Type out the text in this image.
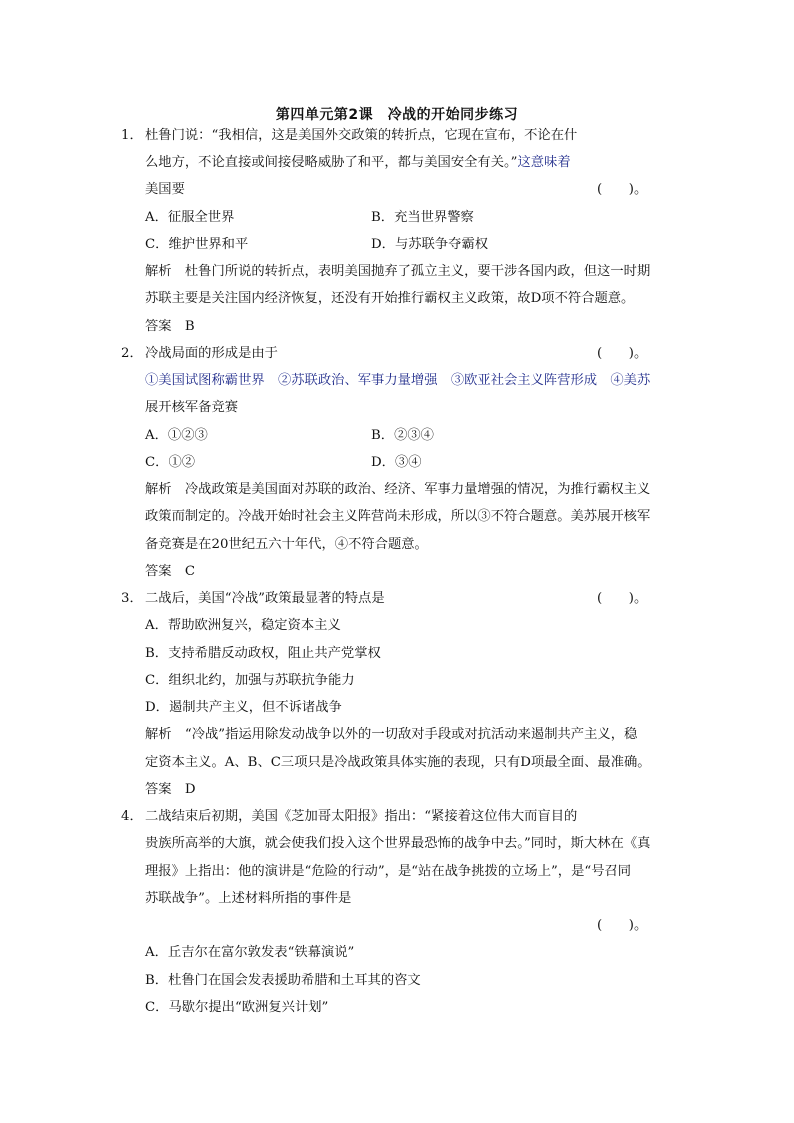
第四单元第2课　冷战的开始同步练习
1． 杜鲁门说：“我相信，这是美国外交政策的转折点，它现在宣布，不论在什
么地方，不论直接或间接侵略威胁了和平，都与美国安全有关。”这意味着
美国要	(　　)。
A．征服全世界	B．充当世界警察
C．维护世界和平	D．与苏联争夺霸权
解析　杜鲁门所说的转折点，表明美国抛弃了孤立主义，要干涉各国内政，但这一时期
苏联主要是关注国内经济恢复，还没有开始推行霸权主义政策，故D项不符合题意。
答案　B
2． 冷战局面的形成是由于	(　　)。
①美国试图称霸世界　②苏联政治、军事力量增强　③欧亚社会主义阵营形成　④美苏
展开核军备竞赛
A．①②③	B．②③④
C．①②	D．③④
解析　冷战政策是美国面对苏联的政治、经济、军事力量增强的情况，为推行霸权主义
政策而制定的。冷战开始时社会主义阵营尚未形成，所以③不符合题意。美苏展开核军
备竞赛是在20世纪五六十年代，④不符合题意。
答案　C
3． 二战后，美国“冷战”政策最显著的特点是	(　　)。
A．帮助欧洲复兴，稳定资本主义
B．支持希腊反动政权，阻止共产党掌权
C．组织北约，加强与苏联抗争能力
D．遏制共产主义，但不诉诸战争
解析　“冷战”指运用除发动战争以外的一切敌对手段或对抗活动来遏制共产主义，稳
定资本主义。A、B、C三项只是冷战政策具体实施的表现，只有D项最全面、最准确。
答案　D
4． 二战结束后初期，美国《芝加哥太阳报》指出：“紧接着这位伟大而盲目的
贵族所高举的大旗，就会使我们投入这个世界最恐怖的战争中去。”同时，斯大林在《真
理报》上指出：他的演讲是“危险的行动”，是“站在战争挑拨的立场上”，是“号召同
苏联战争”。上述材料所指的事件是
(　　)。
A．丘吉尔在富尔敦发表“铁幕演说”
B．杜鲁门在国会发表援助希腊和土耳其的咨文
C．马歇尔提出“欧洲复兴计划”
